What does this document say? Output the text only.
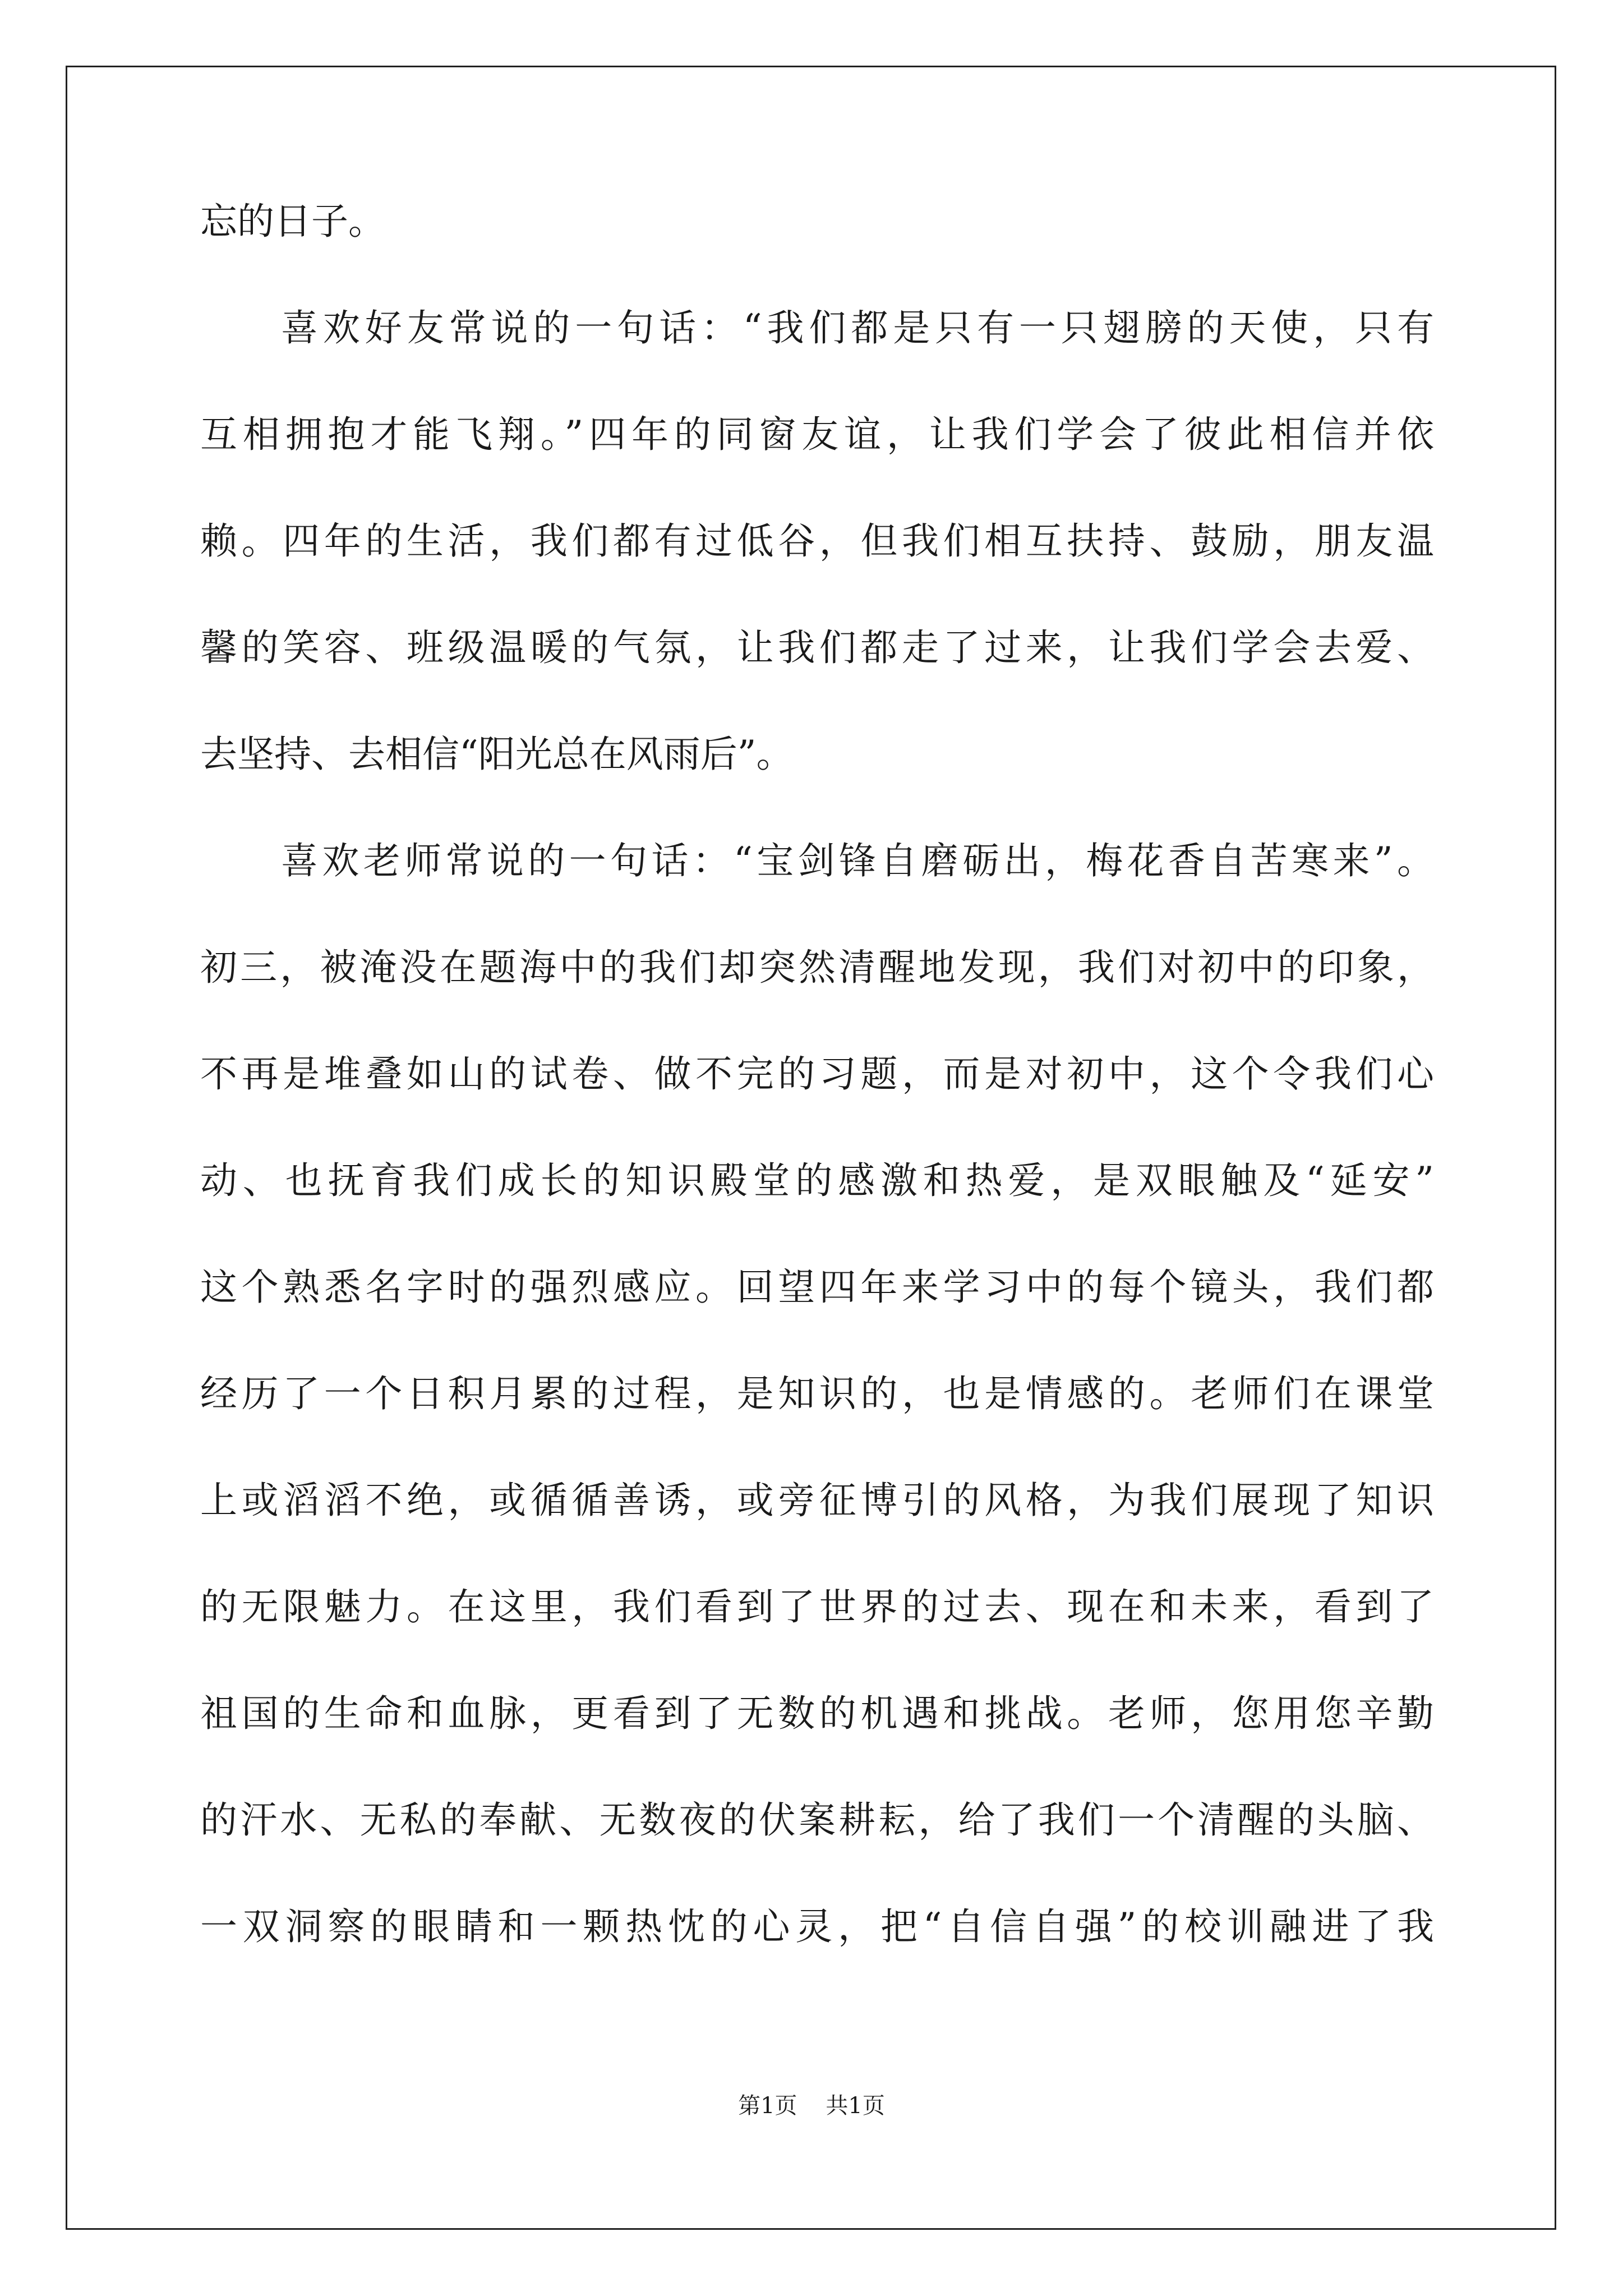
忘的日子。
喜欢好友常说的一句话：“我们都是只有一只翅膀的天使，只有
互相拥抱才能飞翔。”四年的同窗友谊，让我们学会了彼此相信并依
赖。四年的生活，我们都有过低谷，但我们相互扶持、鼓励，朋友温
馨的笑容、班级温暖的气氛，让我们都走了过来，让我们学会去爱、
去坚持、去相信“阳光总在风雨后”。
喜欢老师常说的一句话：“宝剑锋自磨砺出，梅花香自苦寒来”。
初三，被淹没在题海中的我们却突然清醒地发现，我们对初中的印象，
不再是堆叠如山的试卷、做不完的习题，而是对初中，这个令我们心
动、也抚育我们成长的知识殿堂的感激和热爱，是双眼触及“延安”
这个熟悉名字时的强烈感应。回望四年来学习中的每个镜头，我们都
经历了一个日积月累的过程，是知识的，也是情感的。老师们在课堂
上或滔滔不绝，或循循善诱，或旁征博引的风格，为我们展现了知识
的无限魅力。在这里，我们看到了世界的过去、现在和未来，看到了
祖国的生命和血脉，更看到了无数的机遇和挑战。老师，您用您辛勤
的汗水、无私的奉献、无数夜的伏案耕耘，给了我们一个清醒的头脑、
一双洞察的眼睛和一颗热忱的心灵，把“自信自强”的校训融进了我
第1页 共1页
